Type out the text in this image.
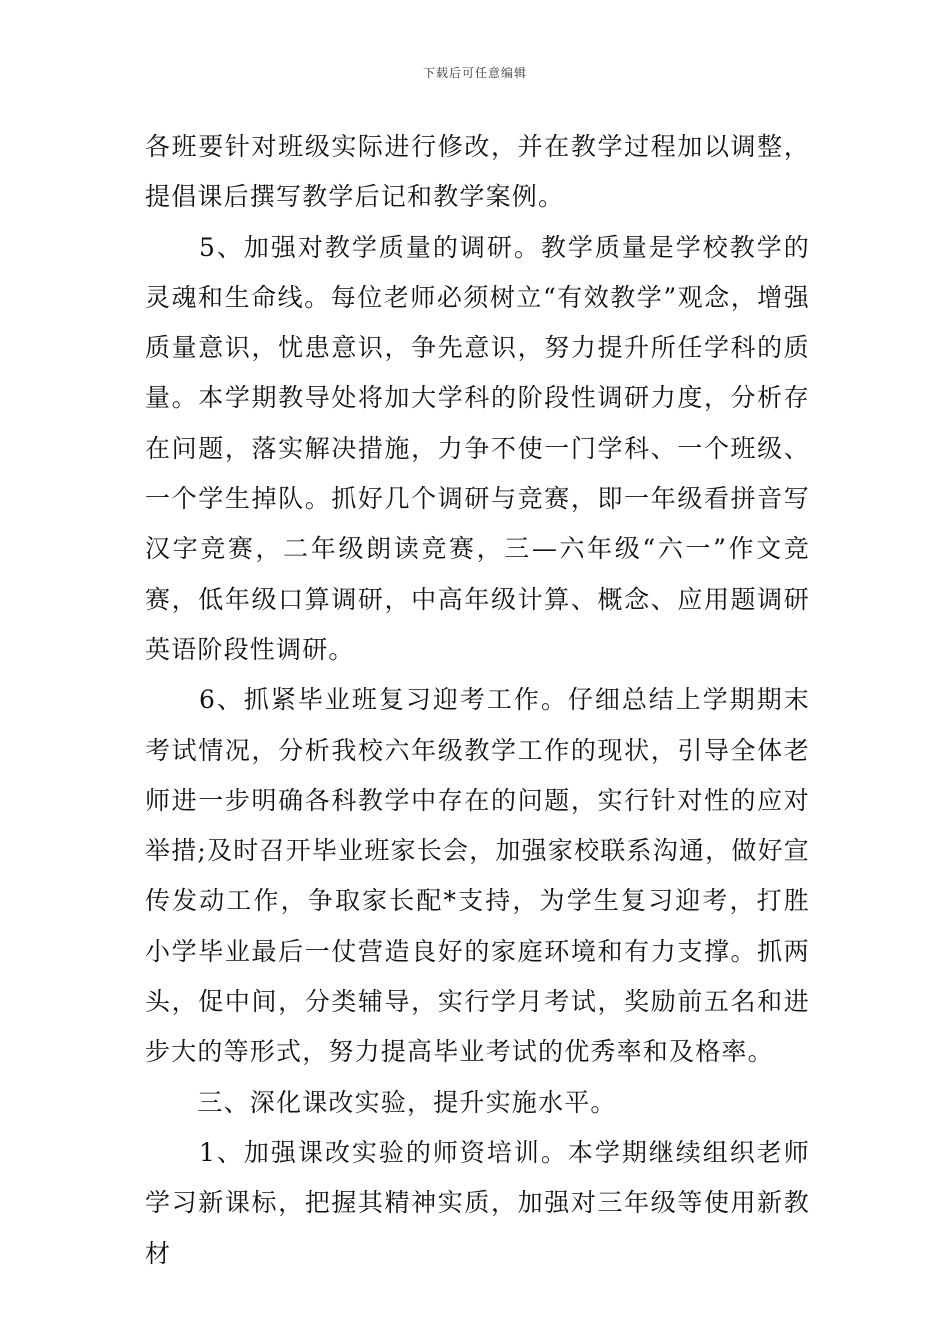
下载后可任意编辑

各班要针对班级实际进行修改，并在教学过程加以调整，提倡课后撰写教学后记和教学案例。

　　5、加强对教学质量的调研。教学质量是学校教学的灵魂和生命线。每位老师必须树立“有效教学”观念，增强质量意识，忧患意识，争先意识，努力提升所任学科的质量。本学期教导处将加大学科的阶段性调研力度，分析存在问题，落实解决措施，力争不使一门学科、一个班级、一个学生掉队。抓好几个调研与竞赛，即一年级看拼音写汉字竞赛，二年级朗读竞赛，三—六年级“六一”作文竞赛，低年级口算调研，中高年级计算、概念、应用题调研英语阶段性调研。

　　6、抓紧毕业班复习迎考工作。仔细总结上学期期末考试情况，分析我校六年级教学工作的现状，引导全体老师进一步明确各科教学中存在的问题，实行针对性的应对举措;及时召开毕业班家长会，加强家校联系沟通，做好宣传发动工作，争取家长配*支持，为学生复习迎考，打胜小学毕业最后一仗营造良好的家庭环境和有力支撑。抓两头，促中间，分类辅导，实行学月考试，奖励前五名和进步大的等形式，努力提高毕业考试的优秀率和及格率。

　　三、深化课改实验，提升实施水平。

　　1、加强课改实验的师资培训。本学期继续组织老师学习新课标，把握其精神实质，加强对三年级等使用新教材
